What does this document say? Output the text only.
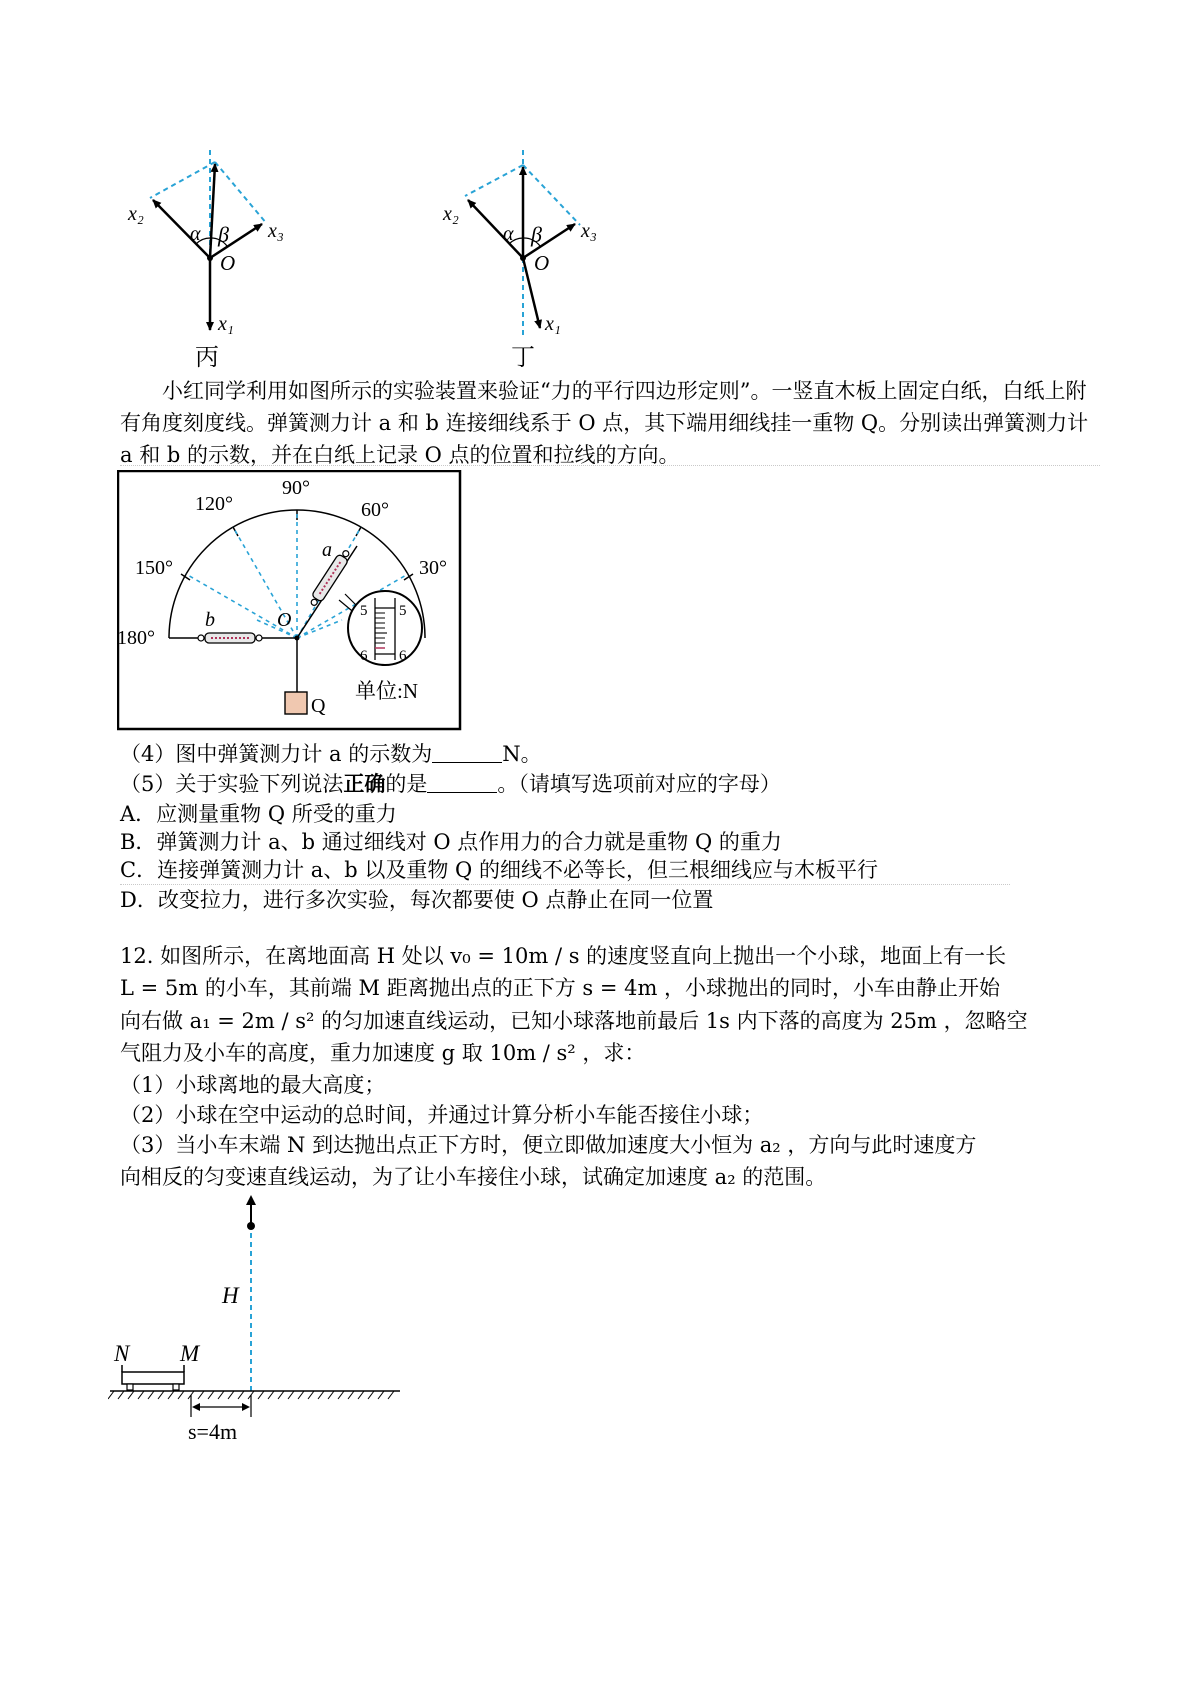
x₂
x₃
x₁
α β
O
丙
x₂
x₃
x₁
α β
O
丁
小红同学利用如图所示的实验装置来验证“力的平行四边形定则”。一竖直木板上固定白纸，白纸上附有角度刻度线。弹簧测力计 a 和 b 连接细线系于 O 点，其下端用细线挂一重物 Q。分别读出弹簧测力计 a 和 b 的示数，并在白纸上记录 O 点的位置和拉线的方向。
180°
150°
120°
90°
60°
30°
b
a
O
Q
5 5
6 6
单位:N
（4）图中弹簧测力计 a 的示数为	N。
（5）关于实验下列说法正确的是	。（请填写选项前对应的字母）
A．应测量重物 Q 所受的重力
B．弹簧测力计 a、b 通过细线对 O 点作用力的合力就是重物 Q 的重力
C．连接弹簧测力计 a、b 以及重物 Q 的细线不必等长，但三根细线应与木板平行
D．改变拉力，进行多次实验，每次都要使 O 点静止在同一位置
12. 如图所示，在离地面高 H 处以 v₀ = 10m / s 的速度竖直向上抛出一个小球，地面上有一长
L = 5m 的小车，其前端 M 距离抛出点的正下方 s = 4m ，小球抛出的同时，小车由静止开始
向右做 a₁ = 2m / s² 的匀加速直线运动，已知小球落地前最后 1s 内下落的高度为 25m ，忽略空
气阻力及小车的高度，重力加速度 g 取 10m / s² ，求：
（1）小球离地的最大高度；
（2）小球在空中运动的总时间，并通过计算分析小车能否接住小球；
（3）当小车末端 N 到达抛出点正下方时，便立即做加速度大小恒为 a₂ ，方向与此时速度方
向相反的匀变速直线运动，为了让小车接住小球，试确定加速度 a₂ 的范围。
H
N M
s=4m
